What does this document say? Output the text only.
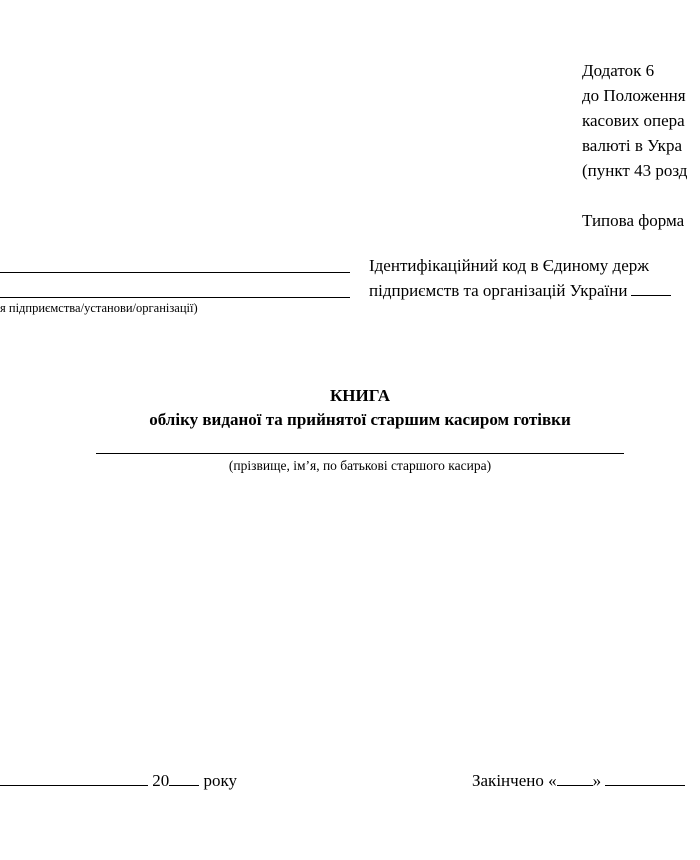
Додаток 6
до Положення
касових опера
валюті в Укра
(пункт 43 розд
Типова форма
я підприємства/установи/організації)
Ідентифікаційний код в Єдиному держ
підприємств та організацій України
КНИГА
обліку виданої та прийнятої старшим касиром готівки
(прізвище, ім’я, по батькові старшого касира)
20 року	Закінчено « »
